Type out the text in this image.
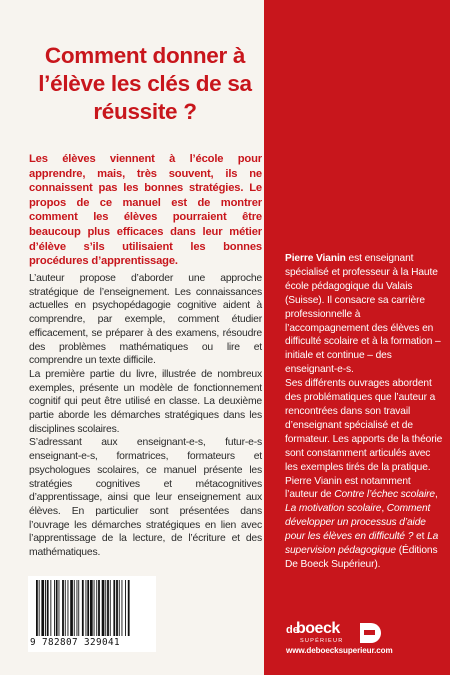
Comment donner à l’élève les clés de sa réussite ?
Les élèves viennent à l’école pour apprendre, mais, très souvent, ils ne connaissent pas les bonnes stratégies. Le propos de ce manuel est de montrer comment les élèves pourraient être beaucoup plus efficaces dans leur métier d’élève s’ils utilisaient les bonnes procédures d’apprentissage.

L’auteur propose d’aborder une approche stratégique de l’enseignement. Les connaissances actuelles en psychopédagogie cognitive aident à comprendre, par exemple, comment étudier efficacement, se préparer à des examens, résoudre des problèmes mathématiques ou lire et comprendre un texte difficile.

La première partie du livre, illustrée de nombreux exemples, présente un modèle de fonctionnement cognitif qui peut être utilisé en classe. La deuxième partie aborde les démarches stratégiques dans les disciplines scolaires.

S’adressant aux enseignant-e-s, futur-e-s enseignant-e-s, formatrices, formateurs et psychologues scolaires, ce manuel présente les stratégies cognitives et métacognitives d’apprentissage, ainsi que leur enseignement aux élèves. En particulier sont présentées dans l’ouvrage les démarches stratégiques en lien avec l’apprentissage de la lecture, de l’écriture et des mathématiques.

Pierre Vianin est enseignant spécialisé et professeur à la Haute école pédagogique du Valais (Suisse). Il consacre sa carrière professionnelle à l’accompagnement des élèves en difficulté scolaire et à la formation – initiale et continue – des enseignant-e-s.

Ses différents ouvrages abordent des problématiques que l’auteur a rencontrées dans son travail d’enseignant spécialisé et de formateur. Les apports de la théorie sont constamment articulés avec les exemples tirés de la pratique.

Pierre Vianin est notamment l’auteur de Contre l’échec scolaire, La motivation scolaire, Comment développer un processus d’aide pour les élèves en difficulté ? et La supervision pédagogique (Éditions De Boeck Supérieur).

9 782807 329041
de
boeck
SUPÉRIEUR
www.deboecksuperieur.com
